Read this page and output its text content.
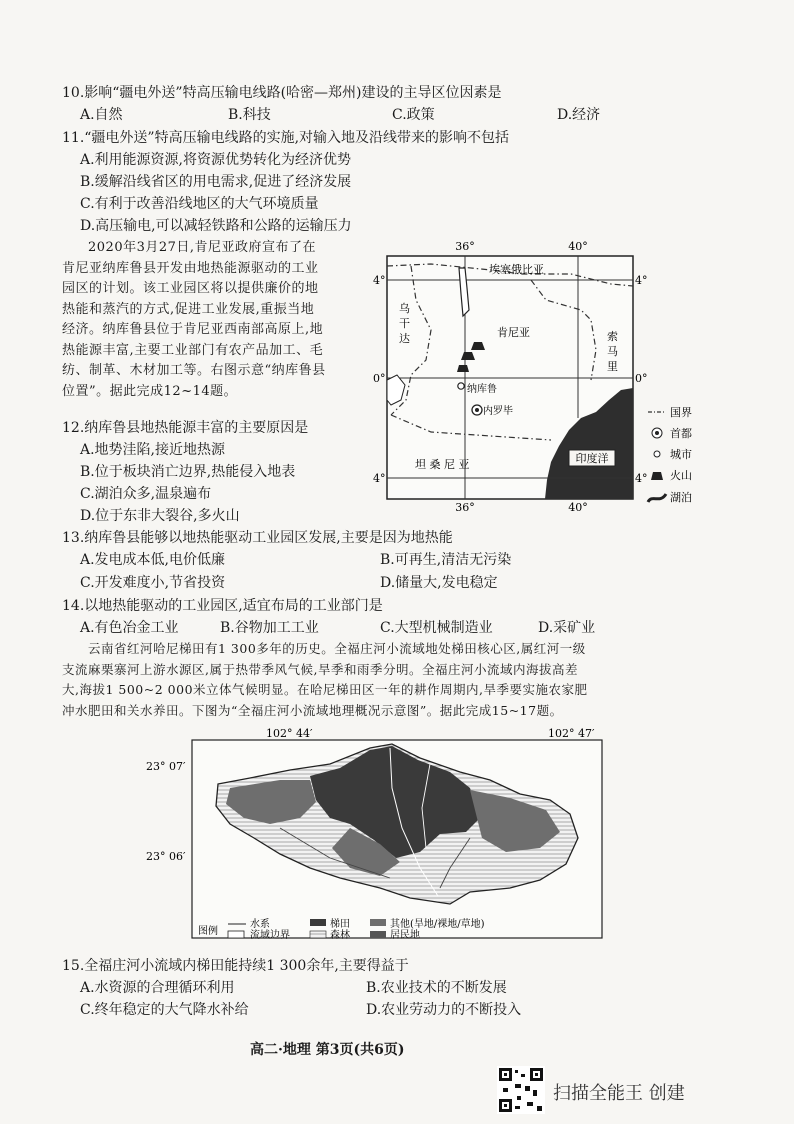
10.影响“疆电外送”特高压输电线路(哈密—郑州)建设的主导区位因素是
A.自然	B.科技	C.政策	D.经济
11.“疆电外送”特高压输电线路的实施,对输入地及沿线带来的影响不包括
A.利用能源资源,将资源优势转化为经济优势
B.缓解沿线省区的用电需求,促进了经济发展
C.有利于改善沿线地区的大气环境质量
D.高压输电,可以减轻铁路和公路的运输压力
2020年3月27日,肯尼亚政府宣布了在
肯尼亚纳库鲁县开发由地热能源驱动的工业
园区的计划。该工业园区将以提供廉价的地
热能和蒸汽的方式,促进工业发展,重振当地
经济。纳库鲁县位于肯尼亚西南部高原上,地
热能源丰富,主要工业部门有农产品加工、毛
纺、制革、木材加工等。右图示意“纳库鲁县
位置”。据此完成12~14题。
36°	40°
36°	40°
4°	4°
0°	0°
4°	4°
埃塞俄比亚
乌
干
达	肯尼亚	索
马
里
纳库鲁
内罗毕
坦 桑 尼 亚	印度洋
国界
首都
城市
火山
湖泊
12.纳库鲁县地热能源丰富的主要原因是
A.地势洼陷,接近地热源
B.位于板块消亡边界,热能侵入地表
C.湖泊众多,温泉遍布
D.位于东非大裂谷,多火山
13.纳库鲁县能够以地热能驱动工业园区发展,主要是因为地热能
A.发电成本低,电价低廉	B.可再生,清洁无污染
C.开发难度小,节省投资	D.储量大,发电稳定
14.以地热能驱动的工业园区,适宜布局的工业部门是
A.有色冶金工业	B.谷物加工工业	C.大型机械制造业	D.采矿业
云南省红河哈尼梯田有1 300多年的历史。全福庄河小流域地处梯田核心区,属红河一级
支流麻栗寨河上游水源区,属于热带季风气候,旱季和雨季分明。全福庄河小流域内海拔高差
大,海拔1 500~2 000米立体气候明显。在哈尼梯田区一年的耕作周期内,旱季要实施农家肥
冲水肥田和关水养田。下图为“全福庄河小流域地理概况示意图”。据此完成15~17题。
102° 44′	102° 47′
23° 07′
23° 06′
图例
水系
流域边界
梯田
森林
其他(旱地/裸地/草地)
居民地
15.全福庄河小流域内梯田能持续1 300余年,主要得益于
A.水资源的合理循环利用	B.农业技术的不断发展
C.终年稳定的大气降水补给	D.农业劳动力的不断投入
高二·地理 第3页(共6页)
扫描全能王 创建
